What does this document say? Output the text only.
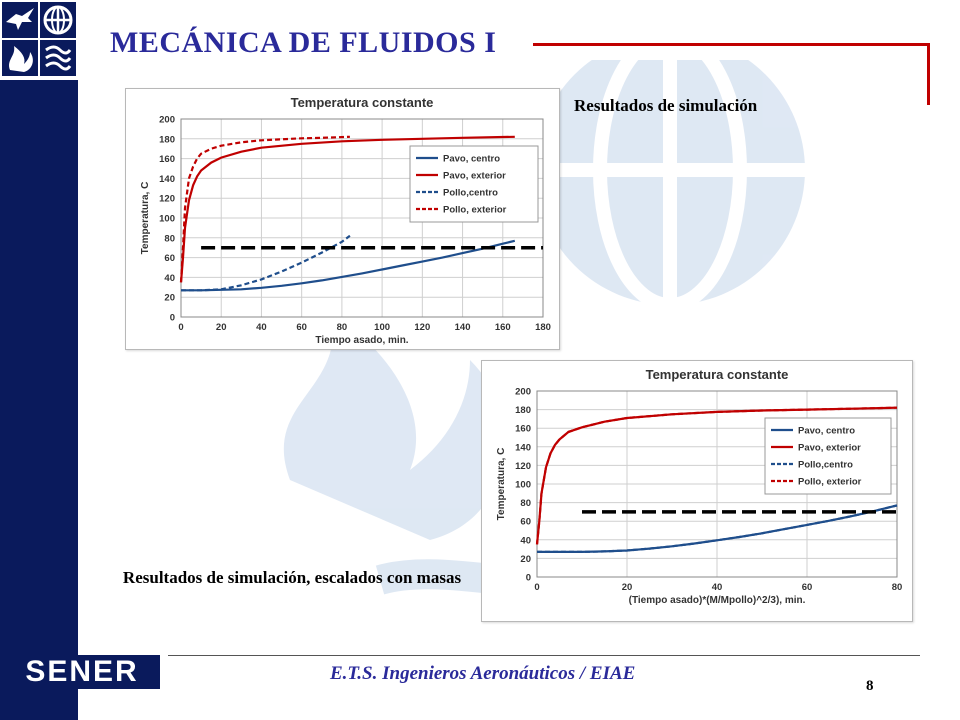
MECÁNICA DE FLUIDOS I
Temperatura constante
0
20
40
60
80
100
120
140
160
180
200
0	20	40	60	80	100	120	140	160	180
Tiempo asado, min.
Temperatura, C
Pavo, centro
Pavo, exterior
Pollo,centro
Pollo, exterior
Resultados de simulación
Temperatura constante
0
20
40
60
80
100
120
140
160
180
200
0	20	40	60	80
(Tiempo asado)*(M/Mpollo)^2/3), min.
Temperatura, C
Pavo, centro
Pavo, exterior
Pollo,centro
Pollo, exterior
Resultados de simulación, escalados con masas
SENER	E.T.S. Ingenieros Aeronáuticos / EIAE
8
